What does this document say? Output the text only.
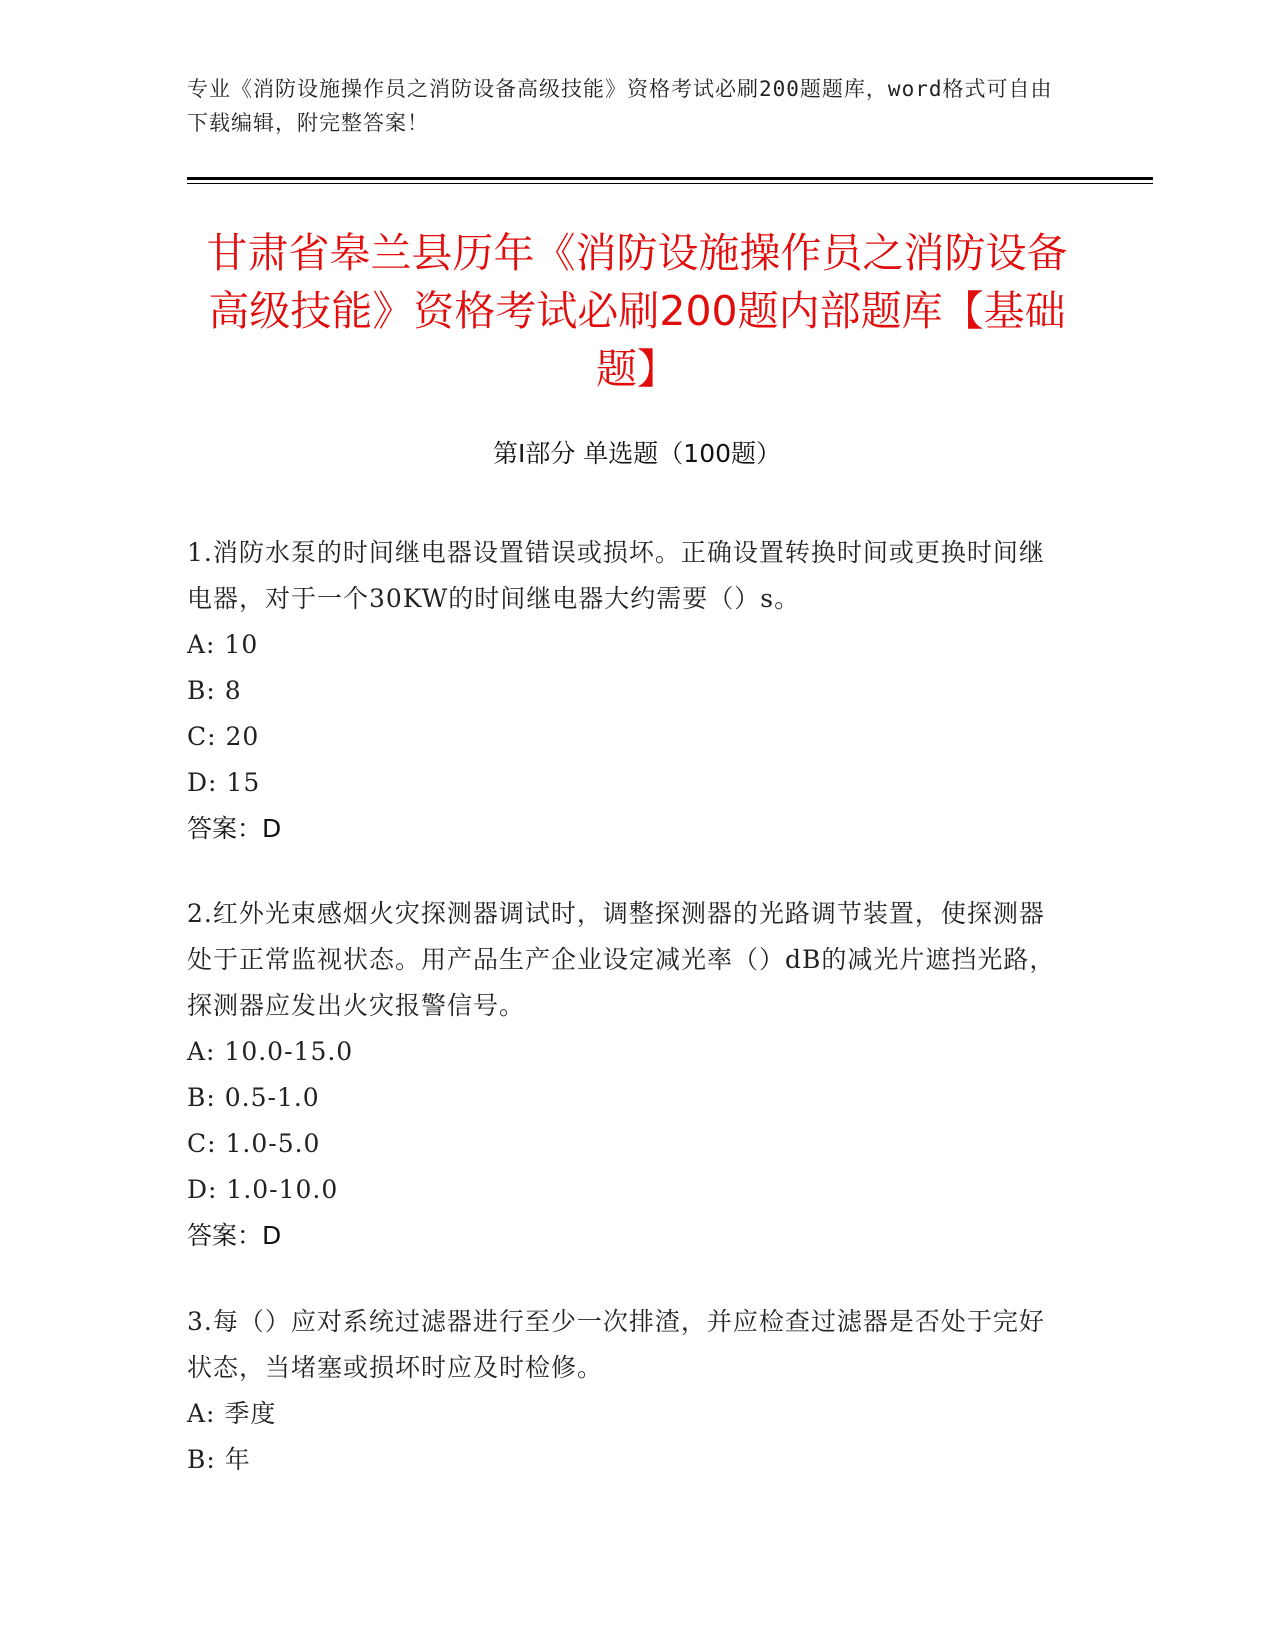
专业《消防设施操作员之消防设备高级技能》资格考试必刷200题题库，word格式可自由下载编辑，附完整答案！
甘肃省皋兰县历年《消防设施操作员之消防设备高级技能》资格考试必刷200题内部题库【基础题】
第I部分 单选题（100题）
1.消防水泵的时间继电器设置错误或损坏。正确设置转换时间或更换时间继电器，对于一个30KW的时间继电器大约需要（）s。
A: 10
B: 8
C: 20
D: 15
答案：D
2.红外光束感烟火灾探测器调试时，调整探测器的光路调节装置，使探测器处于正常监视状态。用产品生产企业设定减光率（）dB的减光片遮挡光路，探测器应发出火灾报警信号。
A: 10.0-15.0
B: 0.5-1.0
C: 1.0-5.0
D: 1.0-10.0
答案：D
3.每（）应对系统过滤器进行至少一次排渣，并应检查过滤器是否处于完好状态，当堵塞或损坏时应及时检修。
A: 季度
B: 年
